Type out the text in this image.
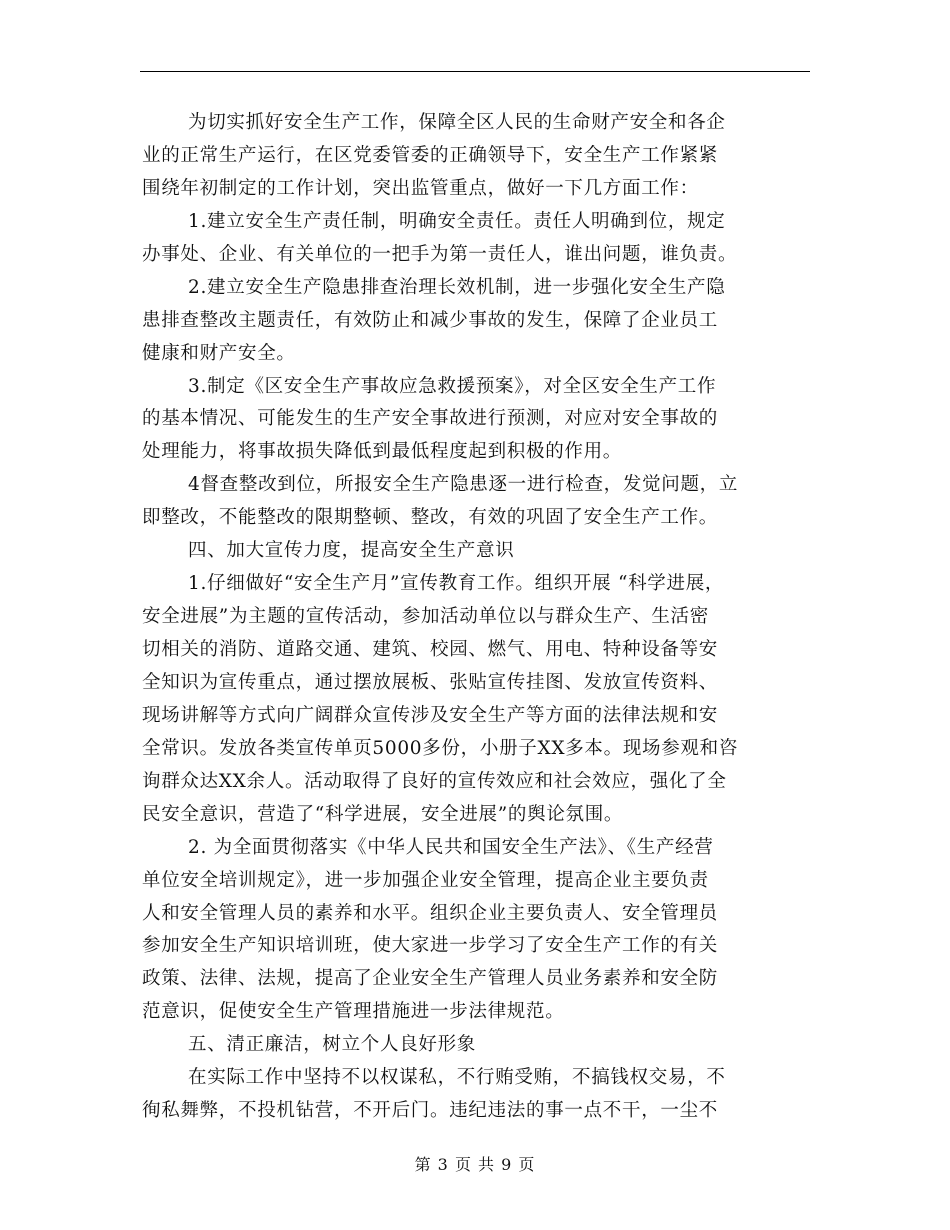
为切实抓好安全生产工作，保障全区人民的生命财产安全和各企
业的正常生产运行，在区党委管委的正确领导下，安全生产工作紧紧
围绕年初制定的工作计划，突出监管重点，做好一下几方面工作：
1.建立安全生产责任制，明确安全责任。责任人明确到位，规定
办事处、企业、有关单位的一把手为第一责任人，谁出问题，谁负责。
2.建立安全生产隐患排查治理长效机制，进一步强化安全生产隐
患排查整改主题责任，有效防止和减少事故的发生，保障了企业员工
健康和财产安全。
3.制定《区安全生产事故应急救援预案》，对全区安全生产工作
的基本情况、可能发生的生产安全事故进行预测，对应对安全事故的
处理能力，将事故损失降低到最低程度起到积极的作用。
4督查整改到位，所报安全生产隐患逐一进行检查，发觉问题，立
即整改，不能整改的限期整顿、整改，有效的巩固了安全生产工作。
四、加大宣传力度，提高安全生产意识
1.仔细做好“安全生产月”宣传教育工作。组织开展 “科学进展，
安全进展”为主题的宣传活动，参加活动单位以与群众生产、生活密
切相关的消防、道路交通、建筑、校园、燃气、用电、特种设备等安
全知识为宣传重点，通过摆放展板、张贴宣传挂图、发放宣传资料、
现场讲解等方式向广阔群众宣传涉及安全生产等方面的法律法规和安
全常识。发放各类宣传单页5000多份，小册子XX多本。现场参观和咨
询群众达XX余人。活动取得了良好的宣传效应和社会效应，强化了全
民安全意识，营造了“科学进展，安全进展”的舆论氛围。
2. 为全面贯彻落实《中华人民共和国安全生产法》、《生产经营
单位安全培训规定》，进一步加强企业安全管理，提高企业主要负责
人和安全管理人员的素养和水平。组织企业主要负责人、安全管理员
参加安全生产知识培训班，使大家进一步学习了安全生产工作的有关
政策、法律、法规，提高了企业安全生产管理人员业务素养和安全防
范意识，促使安全生产管理措施进一步法律规范。
五、清正廉洁，树立个人良好形象
在实际工作中坚持不以权谋私，不行贿受贿，不搞钱权交易，不
徇私舞弊，不投机钻营，不开后门。违纪违法的事一点不干，一尘不
第 3 页 共 9 页
